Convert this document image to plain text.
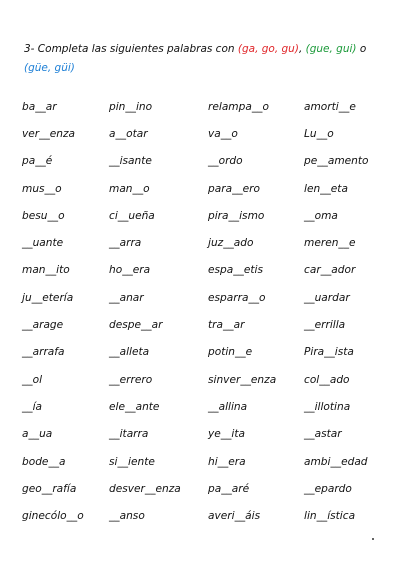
3- Completa las siguientes palabras con (ga, go, gu), (gue, gui) o
(güe, güi)
ba__ar	pin__ino	relampa__o	amorti__e
ver__enza	a__otar	va__o	Lu__o
pa__é	__isante	__ordo	pe__amento
mus__o	man__o	para__ero	len__eta
besu__o	ci__ueña	pira__ismo	__oma
__uante	__arra	juz__ado	meren__e
man__ito	ho__era	espa__etis	car__ador
ju__etería	__anar	esparra__o	__uardar
__arage	despe__ar	tra__ar	__errilla
__arrafa	__alleta	potin__e	Pira__ista
__ol	__errero	sinver__enza	col__ado
__ía	ele__ante	__allina	__illotina
a__ua	__itarra	ye__ita	__astar
bode__a	si__iente	hi__era	ambi__edad
geo__rafía	desver__enza	pa__aré	__epardo
ginecólo__o	__anso	averi__áis	lin__ística
